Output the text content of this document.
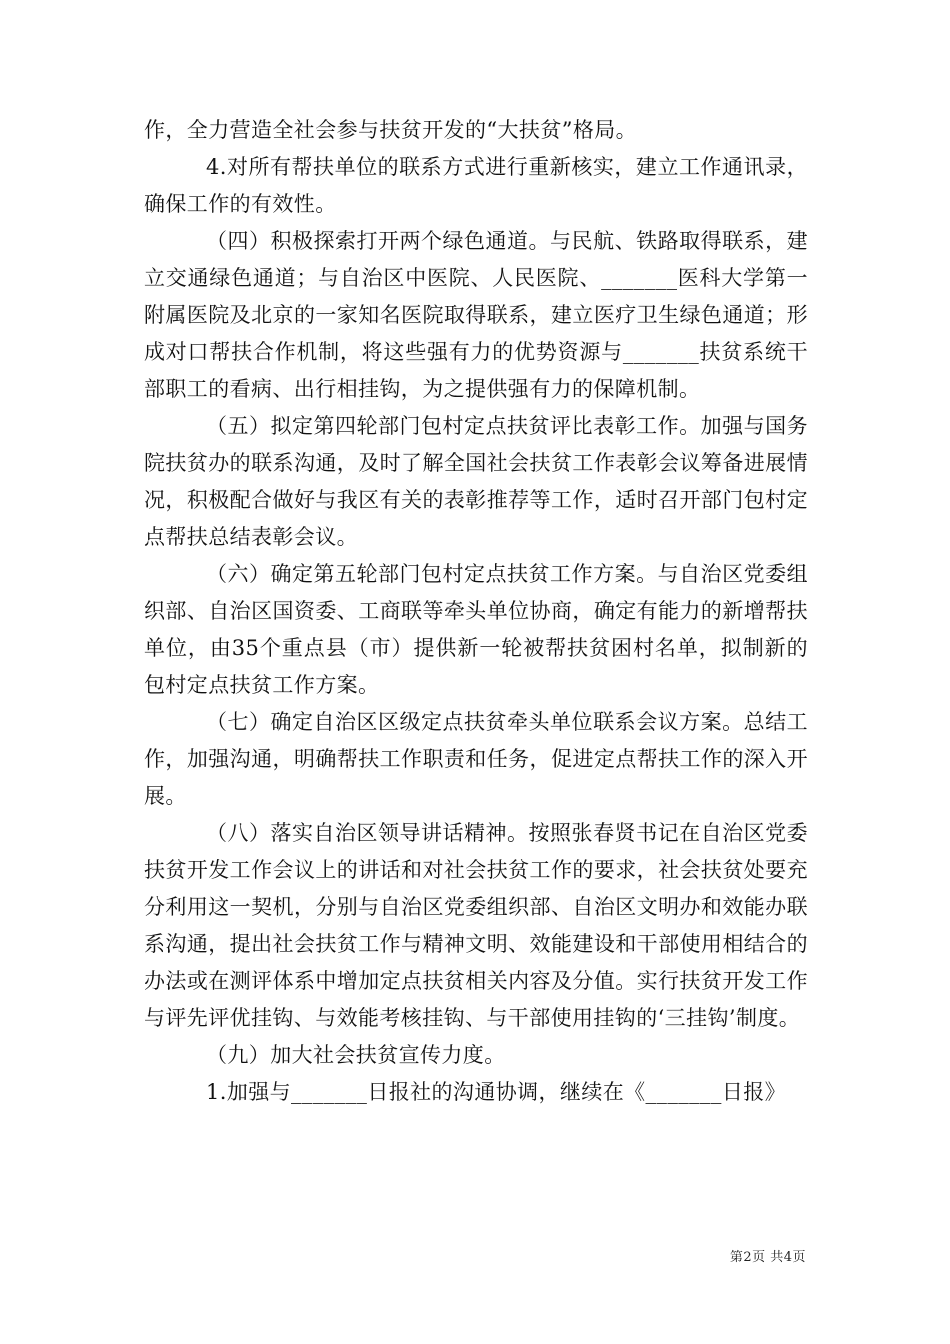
作，全力营造全社会参与扶贫开发的“大扶贫”格局。

4.对所有帮扶单位的联系方式进行重新核实，建立工作通讯录，确保工作的有效性。

（四）积极探索打开两个绿色通道。与民航、铁路取得联系，建立交通绿色通道；与自治区中医院、人民医院、_______医科大学第一附属医院及北京的一家知名医院取得联系，建立医疗卫生绿色通道；形成对口帮扶合作机制，将这些强有力的优势资源与_______扶贫系统干部职工的看病、出行相挂钩，为之提供强有力的保障机制。

（五）拟定第四轮部门包村定点扶贫评比表彰工作。加强与国务院扶贫办的联系沟通，及时了解全国社会扶贫工作表彰会议筹备进展情况，积极配合做好与我区有关的表彰推荐等工作，适时召开部门包村定点帮扶总结表彰会议。

（六）确定第五轮部门包村定点扶贫工作方案。与自治区党委组织部、自治区国资委、工商联等牵头单位协商，确定有能力的新增帮扶单位，由35个重点县（市）提供新一轮被帮扶贫困村名单，拟制新的包村定点扶贫工作方案。

（七）确定自治区区级定点扶贫牵头单位联系会议方案。总结工作，加强沟通，明确帮扶工作职责和任务，促进定点帮扶工作的深入开展。

（八）落实自治区领导讲话精神。按照张春贤书记在自治区党委扶贫开发工作会议上的讲话和对社会扶贫工作的要求，社会扶贫处要充分利用这一契机，分别与自治区党委组织部、自治区文明办和效能办联系沟通，提出社会扶贫工作与精神文明、效能建设和干部使用相结合的办法或在测评体系中增加定点扶贫相关内容及分值。实行扶贫开发工作与评先评优挂钩、与效能考核挂钩、与干部使用挂钩的‘三挂钩’制度。

（九）加大社会扶贫宣传力度。

1.加强与_______日报社的沟通协调，继续在《_______日报》

第2页 共4页
